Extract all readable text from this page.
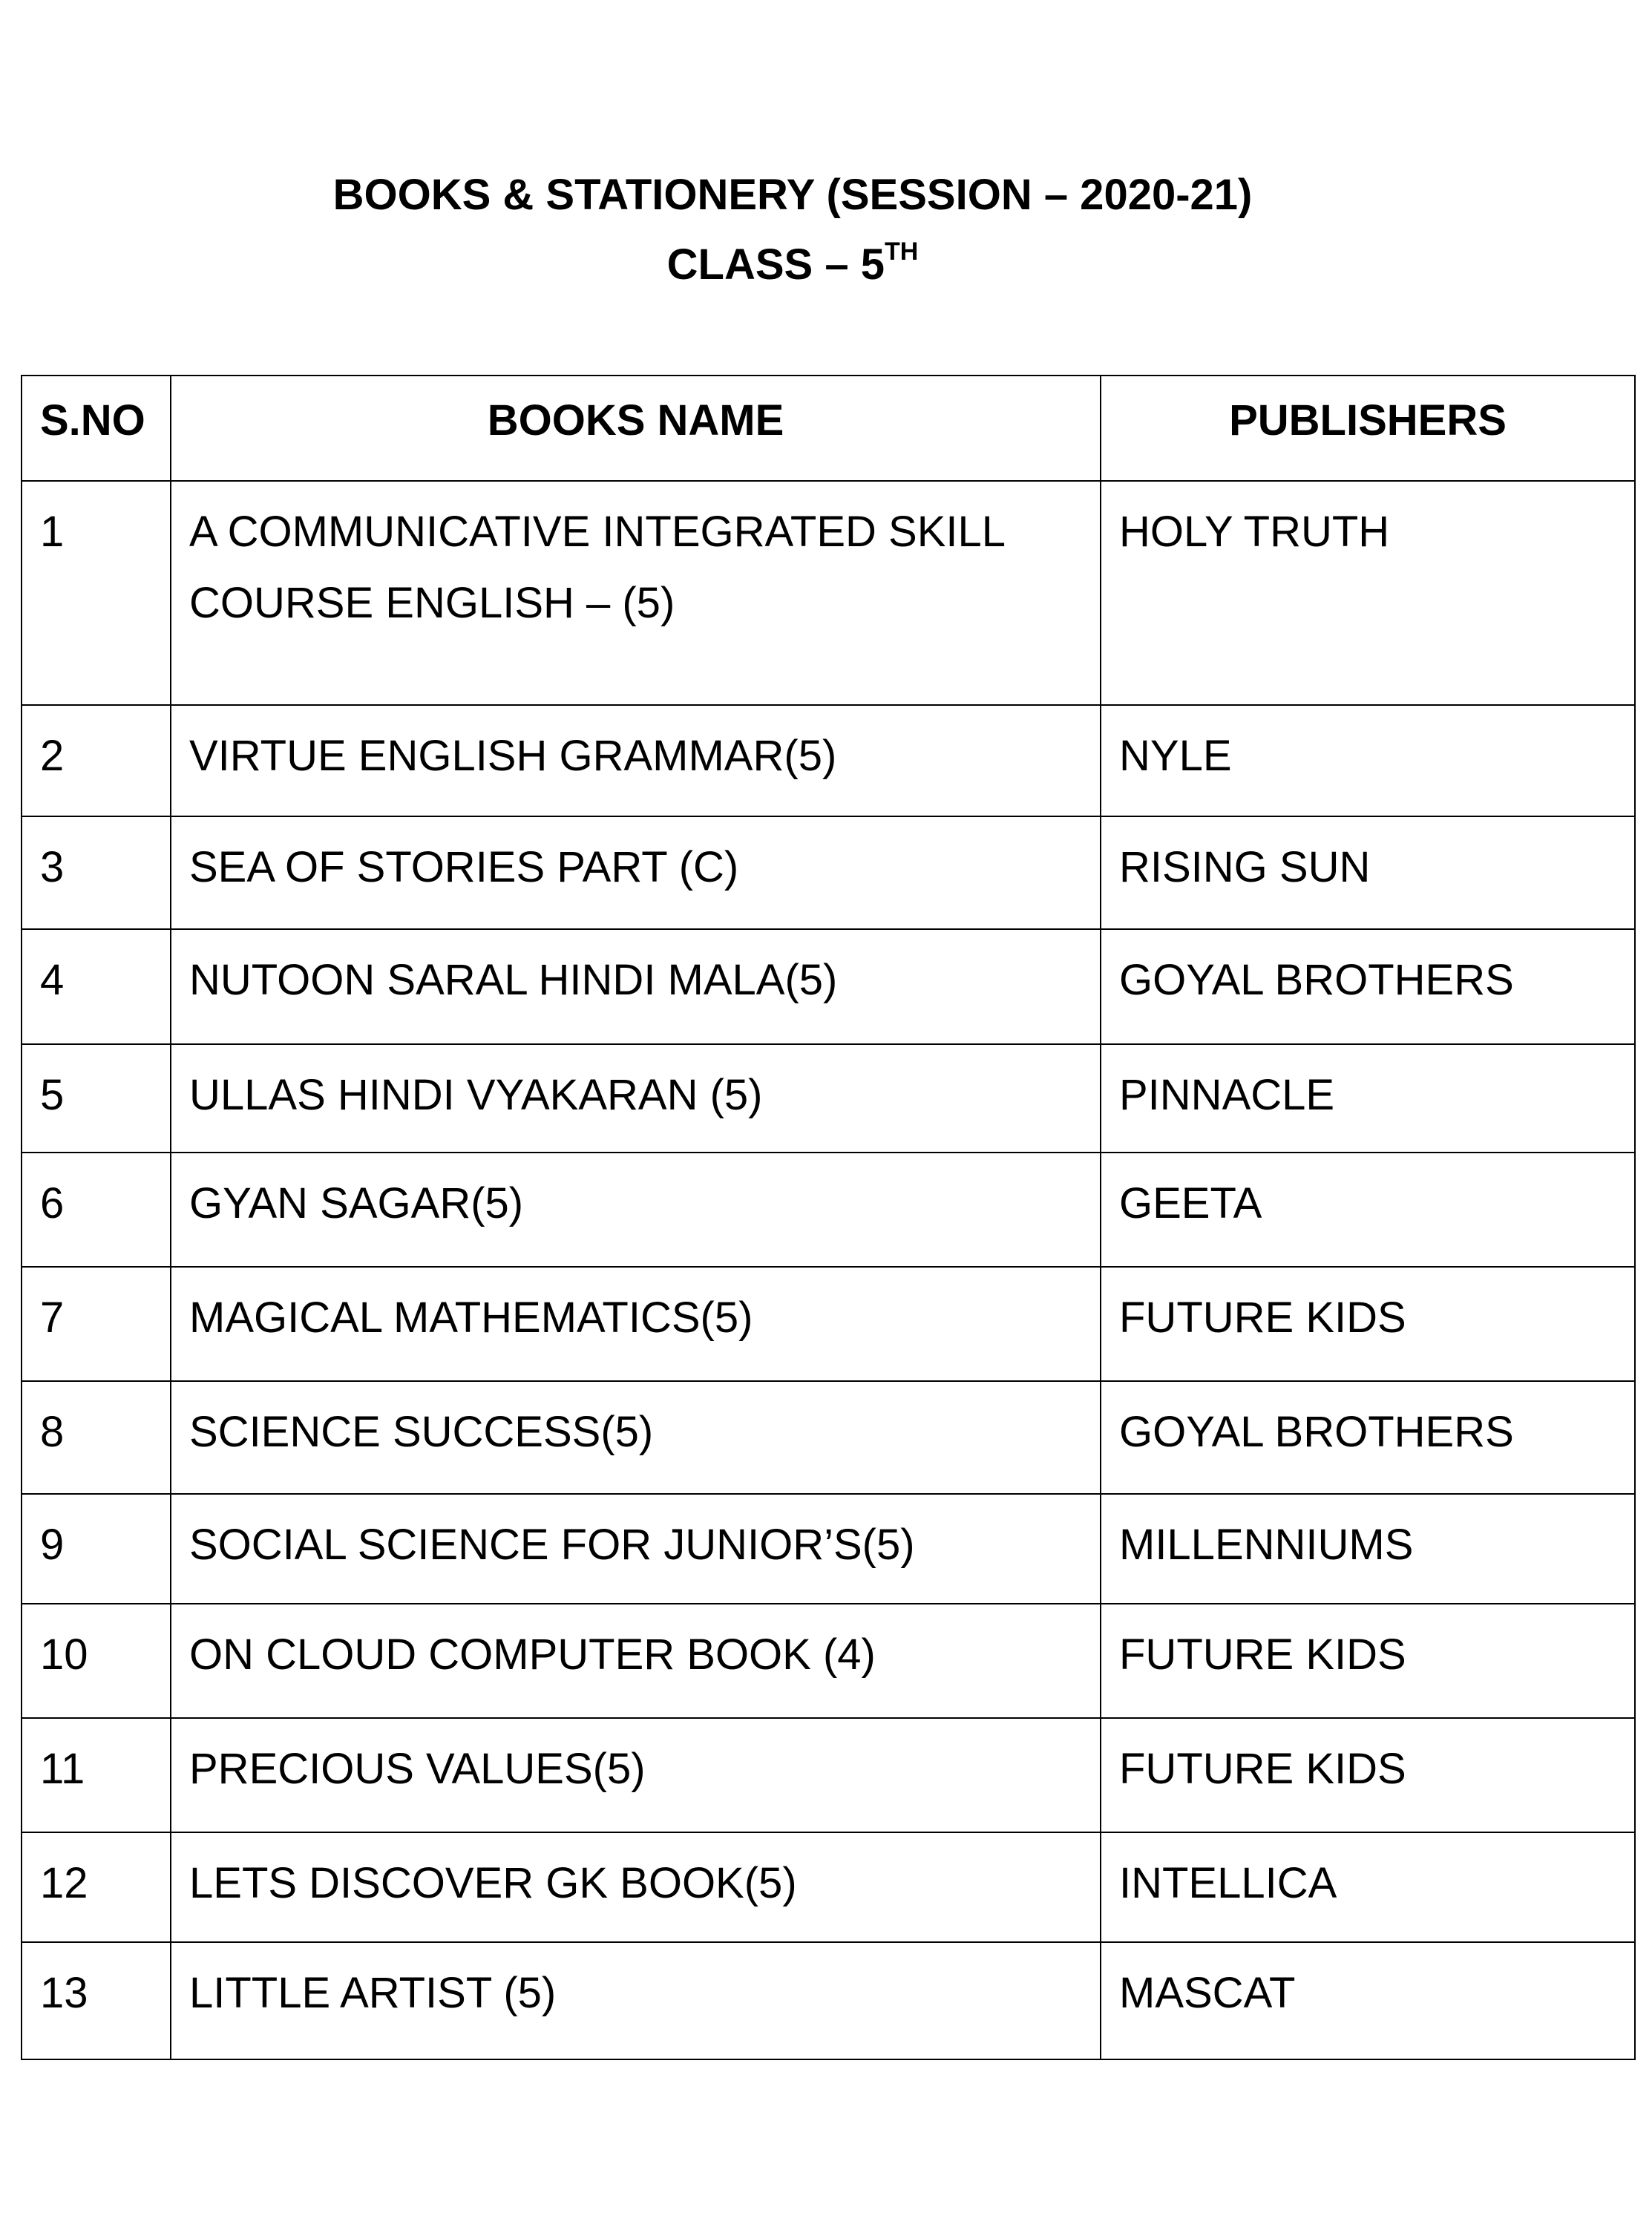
BOOKS & STATIONERY (SESSION – 2020-21)
CLASS – 5TH
S.NO	BOOKS NAME	PUBLISHERS
1	A COMMUNICATIVE INTEGRATED SKILL COURSE ENGLISH – (5)	HOLY TRUTH
2	VIRTUE ENGLISH GRAMMAR(5)	NYLE
3	SEA OF STORIES PART (C)	RISING SUN
4	NUTOON SARAL HINDI MALA(5)	GOYAL BROTHERS
5	ULLAS HINDI VYAKARAN (5)	PINNACLE
6	GYAN SAGAR(5)	GEETA
7	MAGICAL MATHEMATICS(5)	FUTURE KIDS
8	SCIENCE SUCCESS(5)	GOYAL BROTHERS
9	SOCIAL SCIENCE FOR JUNIOR’S(5)	MILLENNIUMS
10	ON CLOUD COMPUTER BOOK (4)	FUTURE KIDS
11	PRECIOUS VALUES(5)	FUTURE KIDS
12	LETS DISCOVER GK BOOK(5)	INTELLICA
13	LITTLE ARTIST (5)	MASCAT
